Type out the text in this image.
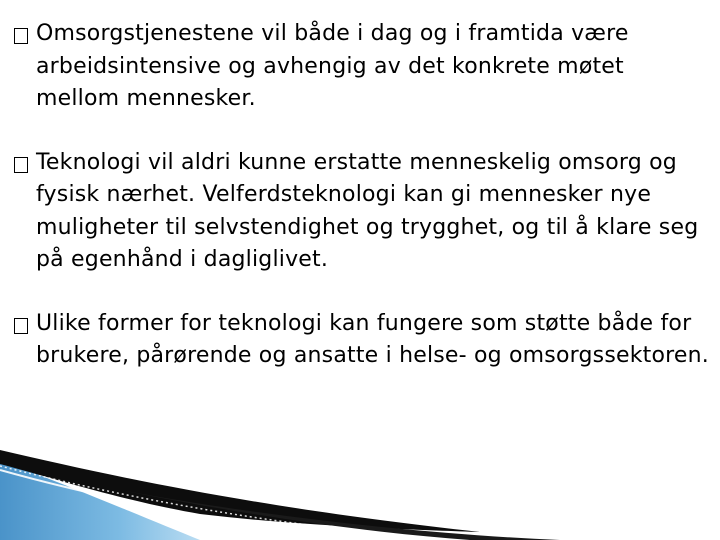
Omsorgstjenestene vil både i dag og i framtida være arbeidsintensive og avhengig av det konkrete møtet mellom mennesker.
Teknologi vil aldri kunne erstatte menneskelig omsorg og fysisk nærhet. Velferdsteknologi kan gi mennesker nye muligheter til selvstendighet og trygghet, og til å klare seg på egenhånd i dagliglivet.
Ulike former for teknologi kan fungere som støtte både for brukere, pårørende og ansatte i helse- og omsorgssektoren.
